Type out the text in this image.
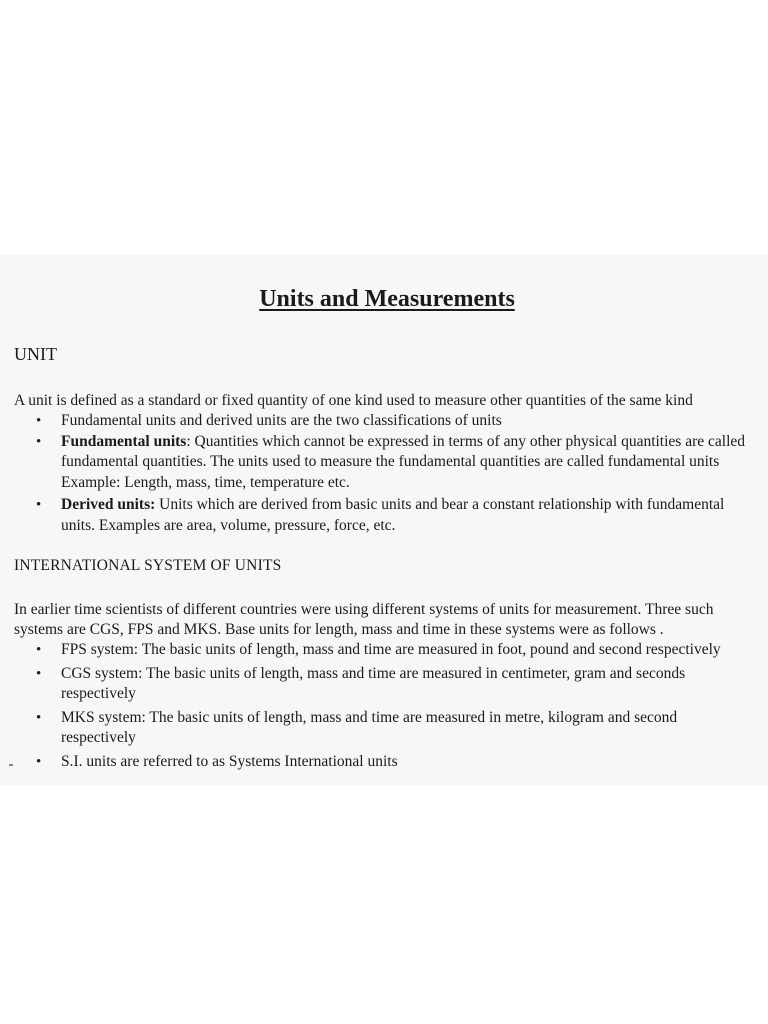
Units and Measurements
UNIT

A unit is defined as a standard or fixed quantity of one kind used to measure other quantities of the same kind

• Fundamental units and derived units are the two classifications of units
• Fundamental units: Quantities which cannot be expressed in terms of any other physical quantities are called
fundamental quantities. The units used to measure the fundamental quantities are called fundamental units
Example: Length, mass, time, temperature etc.
• Derived units: Units which are derived from basic units and bear a constant relationship with fundamental
units. Examples are area, volume, pressure, force, etc.
INTERNATIONAL SYSTEM OF UNITS

In earlier time scientists of different countries were using different systems of units for measurement. Three such
systems are CGS, FPS and MKS. Base units for length, mass and time in these systems were as follows .

• FPS system: The basic units of length, mass and time are measured in foot, pound and second respectively
• CGS system: The basic units of length, mass and time are measured in centimeter, gram and seconds
respectively
• MKS system: The basic units of length, mass and time are measured in metre, kilogram and second
respectively
• S.I. units are referred to as Systems International units
